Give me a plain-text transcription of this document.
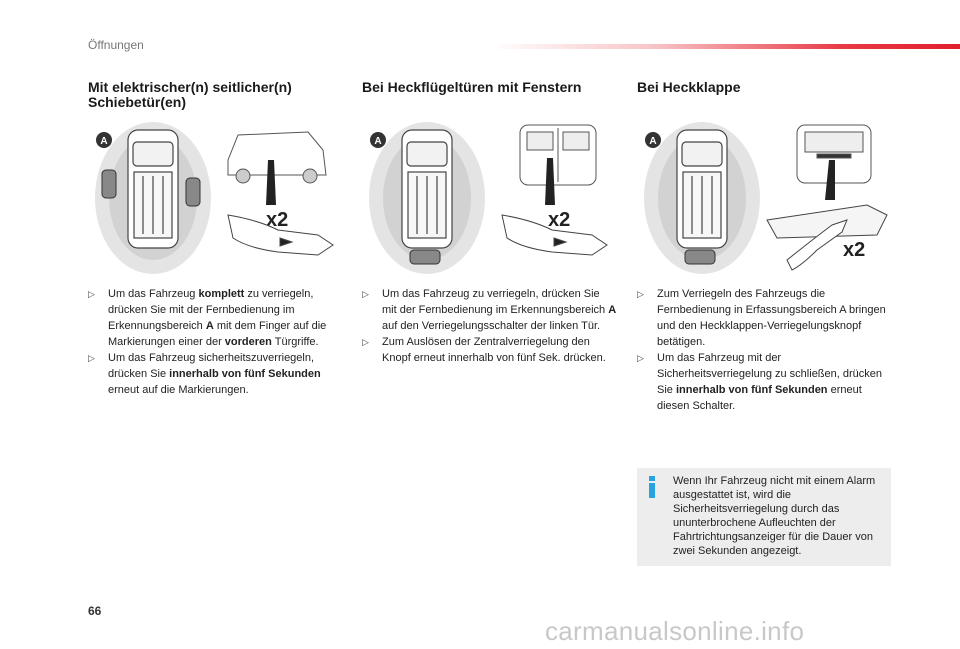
Öffnungen
Mit elektrischer(n) seitlicher(n) Schiebetür(en)
Bei Heckflügeltüren mit Fenstern	Bei Heckklappe
A
x2
A
x2
A
x2
▷ Um das Fahrzeug komplett zu verriegeln, drücken Sie mit der Fernbedienung im Erkennungsbereich A mit dem Finger auf die Markierungen einer der vorderen Türgriffe.
▷ Um das Fahrzeug sicherheitszuverriegeln, drücken Sie innerhalb von fünf Sekunden erneut auf die Markierungen.
▷ Um das Fahrzeug zu verriegeln, drücken Sie mit der Fernbedienung im Erkennungsbereich A auf den Verriegelungsschalter der linken Tür.
▷ Zum Auslösen der Zentralverriegelung den Knopf erneut innerhalb von fünf Sek. drücken.
▷ Zum Verriegeln des Fahrzeugs die Fernbedienung in Erfassungsbereich A bringen und den Heckklappen-Verriegelungsknopf betätigen.
▷ Um das Fahrzeug mit der Sicherheitsverriegelung zu schließen, drücken Sie innerhalb von fünf Sekunden erneut diesen Schalter.
Wenn Ihr Fahrzeug nicht mit einem Alarm ausgestattet ist, wird die Sicherheitsverriegelung durch das ununterbrochene Aufleuchten der Fahrtrichtungsanzeiger für die Dauer von zwei Sekunden angezeigt.
66
carmanualsonline.info
